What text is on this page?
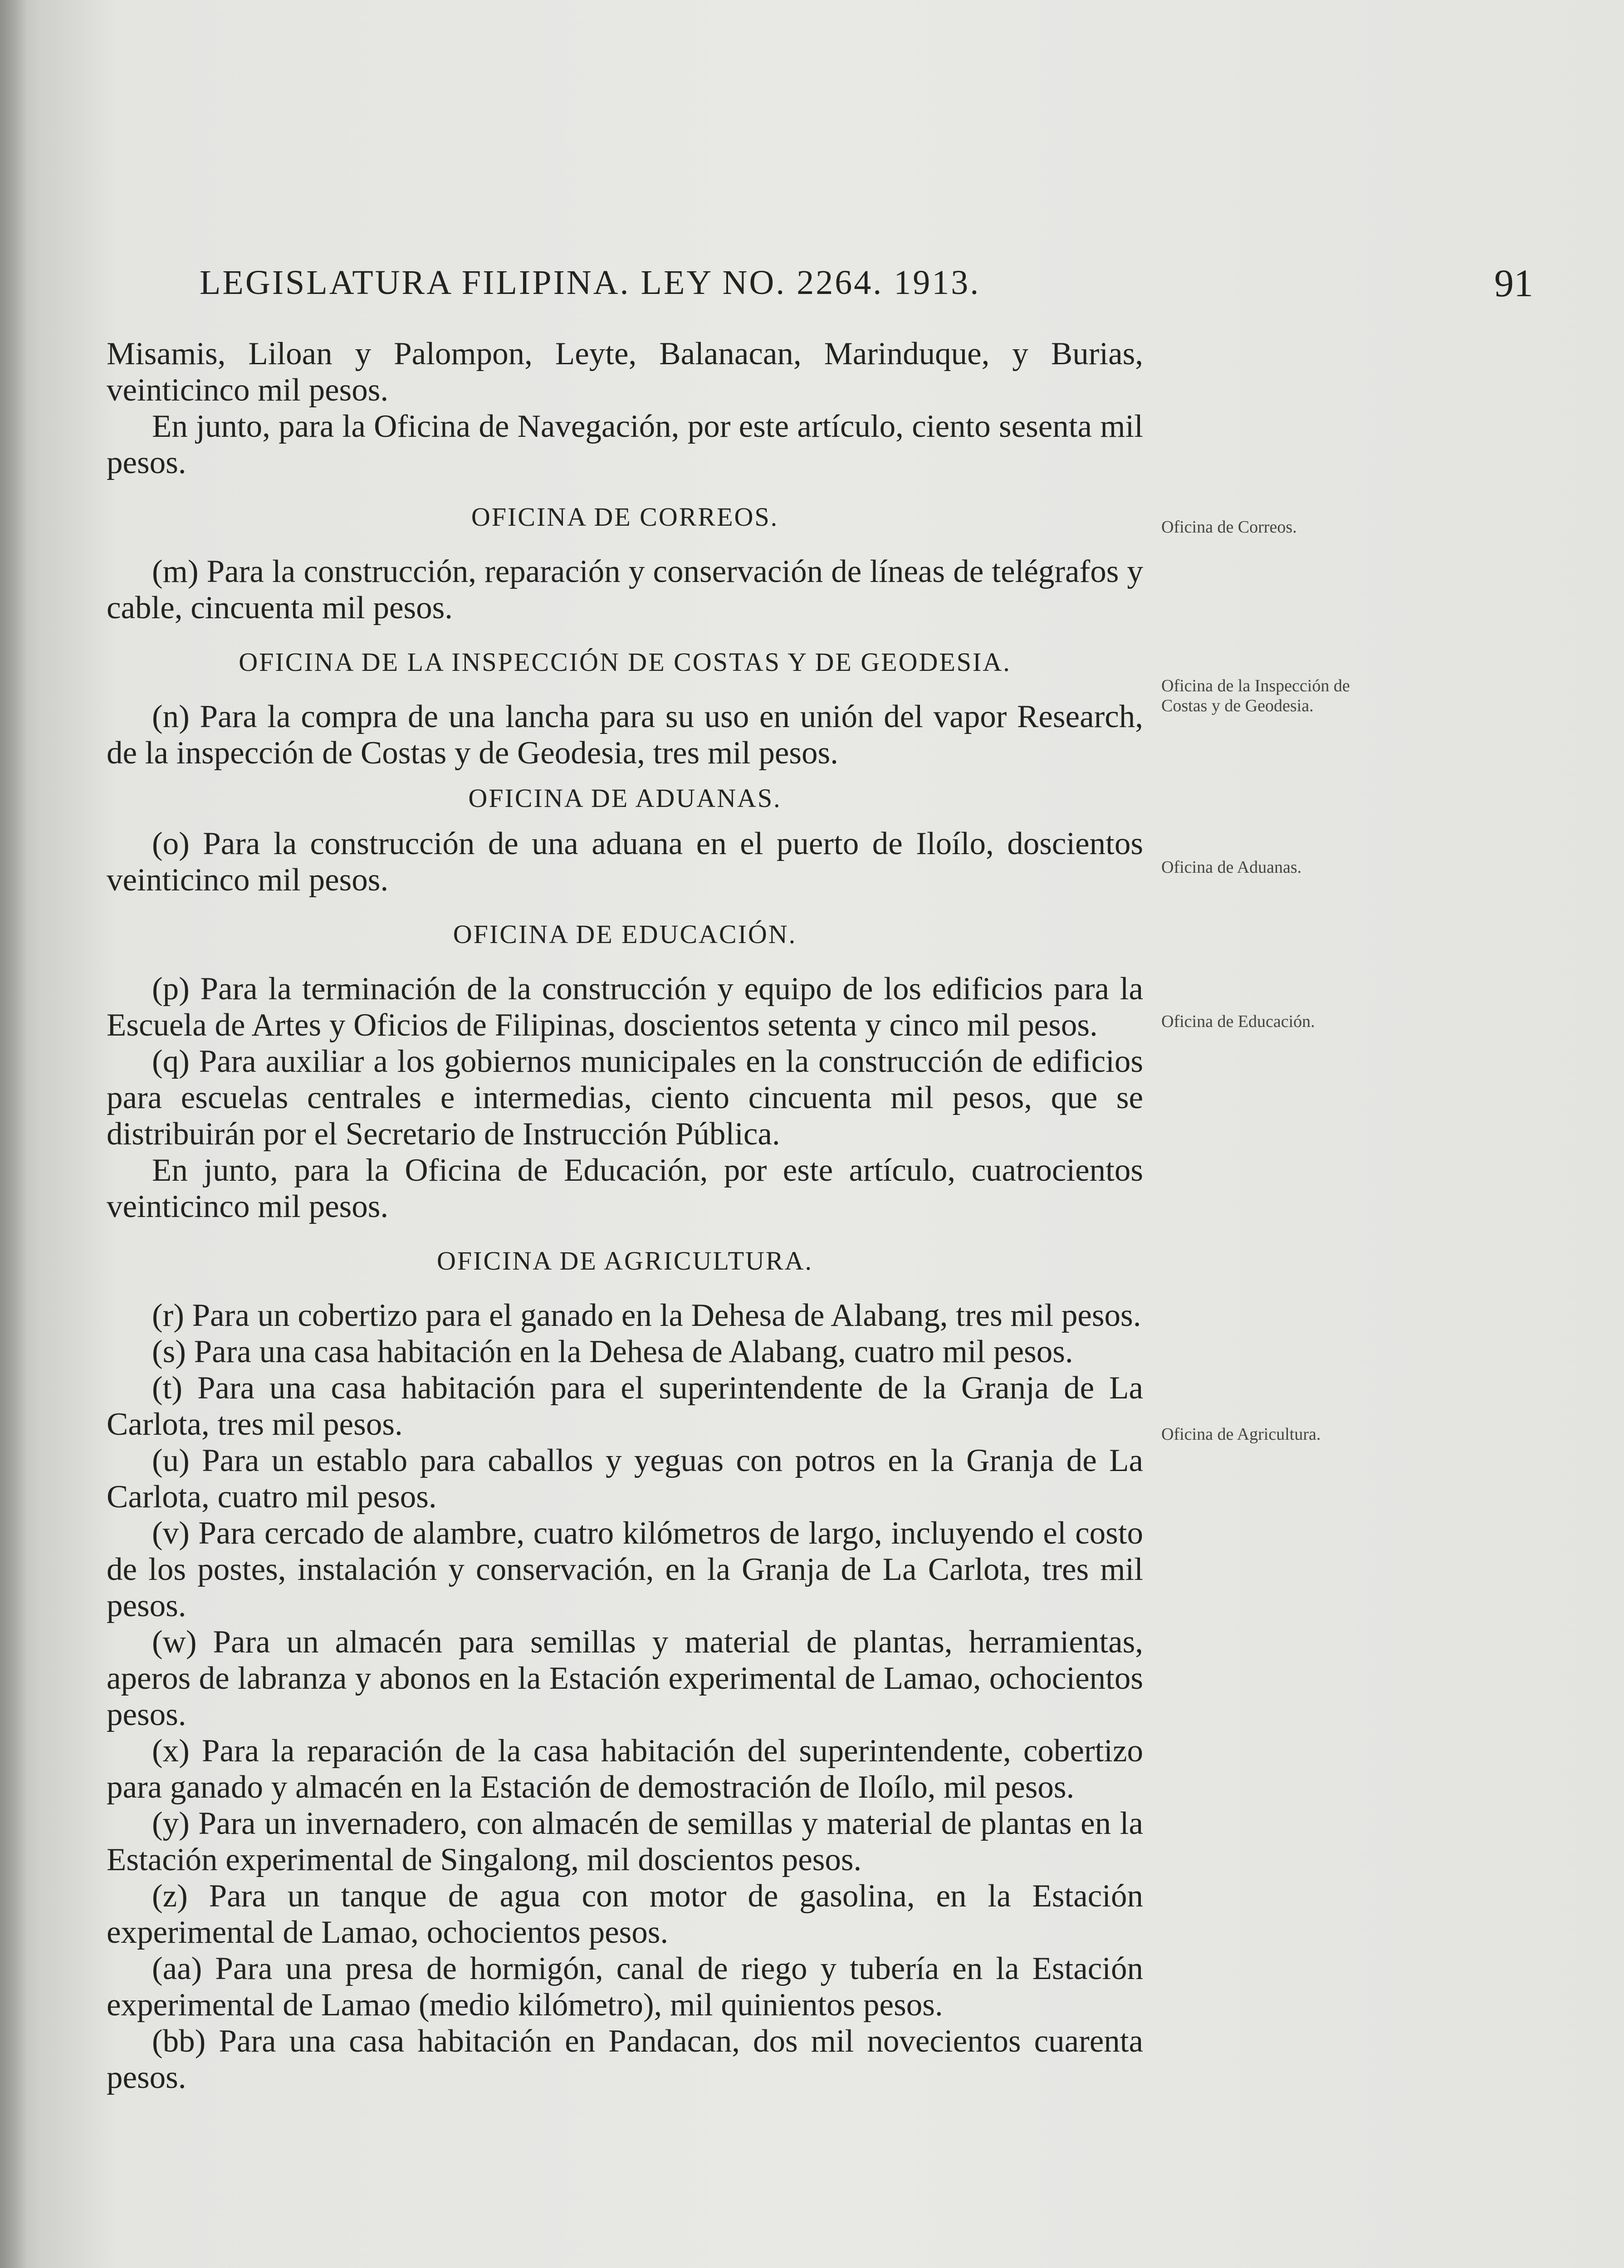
LEGISLATURA FILIPINA. LEY NO. 2264. 1913.	91

Misamis, Liloan y Palompon, Leyte, Balanacan, Marinduque, y Burias, veinticinco mil pesos.

En junto, para la Oficina de Navegación, por este artículo, ciento sesenta mil pesos.

OFICINA DE CORREOS.

(m) Para la construcción, reparación y conservación de líneas de telégrafos y cable, cincuenta mil pesos.

OFICINA DE LA INSPECCIÓN DE COSTAS Y DE GEODESIA.

(n) Para la compra de una lancha para su uso en unión del vapor Research, de la inspección de Costas y de Geodesia, tres mil pesos.

OFICINA DE ADUANAS.

(o) Para la construcción de una aduana en el puerto de Iloílo, doscientos veinticinco mil pesos.

OFICINA DE EDUCACIÓN.

(p) Para la terminación de la construcción y equipo de los edificios para la Escuela de Artes y Oficios de Filipinas, doscientos setenta y cinco mil pesos.

(q) Para auxiliar a los gobiernos municipales en la construcción de edificios para escuelas centrales e intermedias, ciento cincuenta mil pesos, que se distribuirán por el Secretario de Instrucción Pública.

En junto, para la Oficina de Educación, por este artículo, cuatrocientos veinticinco mil pesos.

OFICINA DE AGRICULTURA.

(r) Para un cobertizo para el ganado en la Dehesa de Alabang, tres mil pesos.

(s) Para una casa habitación en la Dehesa de Alabang, cuatro mil pesos.

(t) Para una casa habitación para el superintendente de la Granja de La Carlota, tres mil pesos.

(u) Para un establo para caballos y yeguas con potros en la Granja de La Carlota, cuatro mil pesos.

(v) Para cercado de alambre, cuatro kilómetros de largo, incluyendo el costo de los postes, instalación y conservación, en la Granja de La Carlota, tres mil pesos.

(w) Para un almacén para semillas y material de plantas, herramientas, aperos de labranza y abonos en la Estación experimental de Lamao, ochocientos pesos.

(x) Para la reparación de la casa habitación del superintendente, cobertizo para ganado y almacén en la Estación de demostración de Iloílo, mil pesos.

(y) Para un invernadero, con almacén de semillas y material de plantas en la Estación experimental de Singalong, mil doscientos pesos.

(z) Para un tanque de agua con motor de gasolina, en la Estación experimental de Lamao, ochocientos pesos.

(aa) Para una presa de hormigón, canal de riego y tubería en la Estación experimental de Lamao (medio kilómetro), mil quinientos pesos.

(bb) Para una casa habitación en Pandacan, dos mil novecientos cuarenta pesos.

Oficina de Correos.
Oficina de la Inspección de Costas y de Geodesia.
Oficina de Aduanas.
Oficina de Educación.
Oficina de Agricultura.
